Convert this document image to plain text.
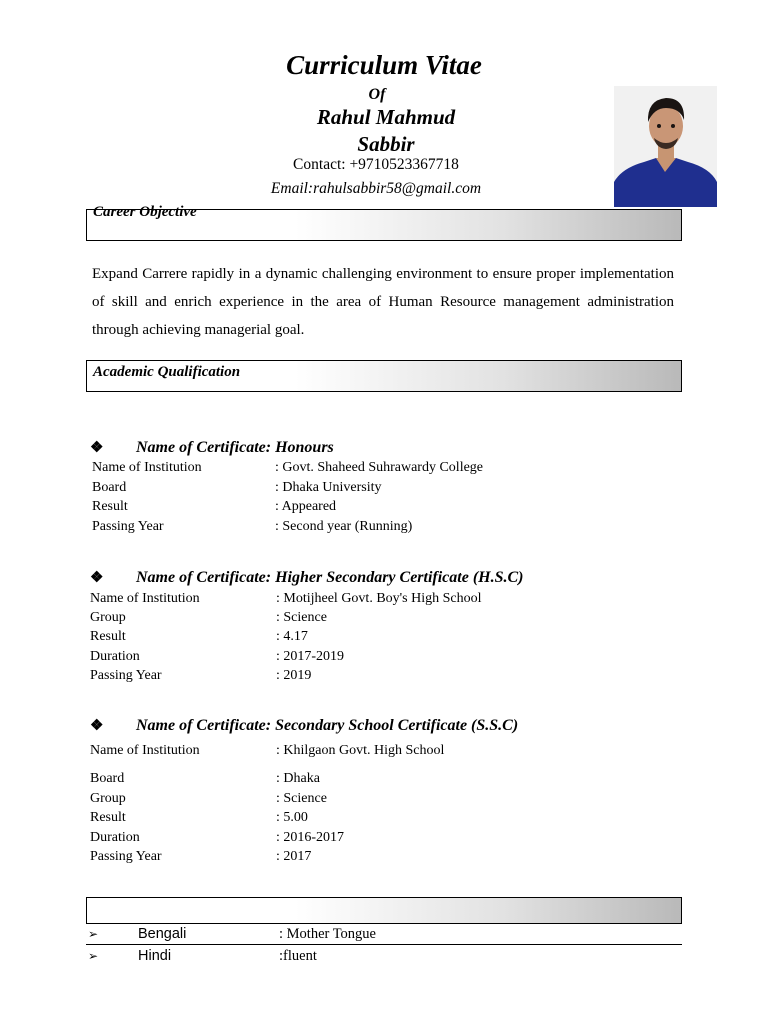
Curriculum Vitae
Of
Rahul Mahmud
Sabbir
Contact: +9710523367718
Email:rahulsabbir58@gmail.com
Career Objective
Expand Carrere rapidly in a dynamic challenging environment to ensure proper implementation of skill and enrich experience in the area of Human Resource management administration through achieving managerial goal.
Academic Qualification
❖ Name of Certificate: Honours
Name of Institution	: Govt. Shaheed Suhrawardy College
Board	: Dhaka University
Result	: Appeared
Passing Year	: Second year (Running)
❖ Name of Certificate: Higher Secondary Certificate (H.S.C)
Name of Institution	: Motijheel Govt. Boy's High School
Group	: Science
Result	: 4.17
Duration	: 2017-2019
Passing Year	: 2019
❖ Name of Certificate: Secondary School Certificate (S.S.C)
Name of Institution	: Khilgaon Govt. High School
Board	: Dhaka
Group	: Science
Result	: 5.00
Duration	: 2016-2017
Passing Year	: 2017
➢	Bengali	: Mother Tongue
➢	Hindi	:fluent
